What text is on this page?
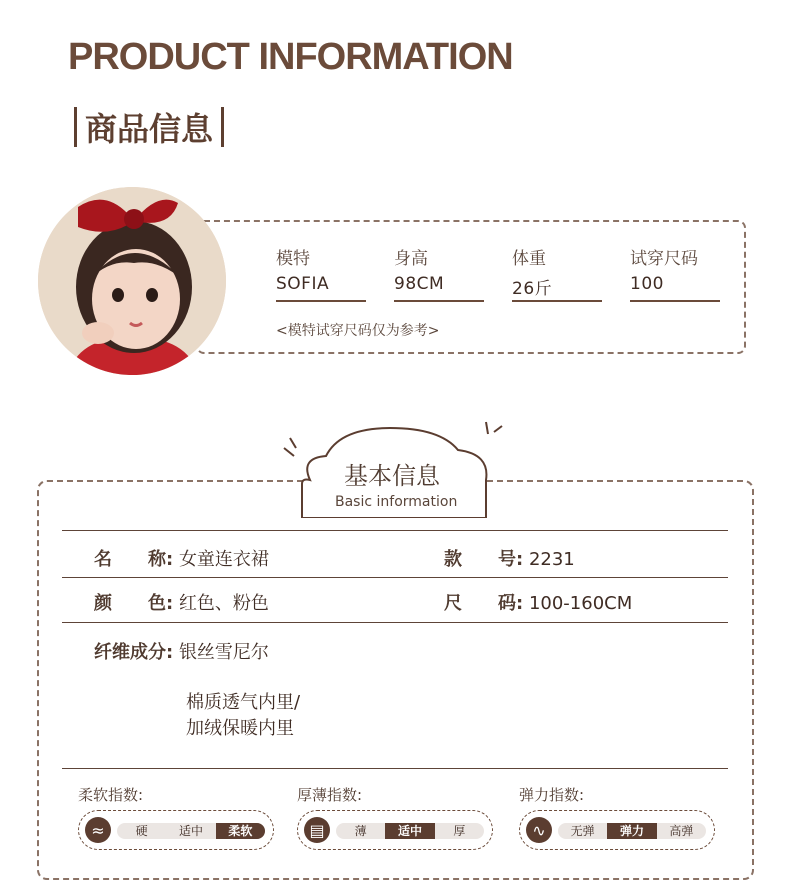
PRODUCT INFORMATION
商品信息
模特
SOFIA
身高
98CM
体重
26斤
试穿尺码
100
<模特试穿尺码仅为参考>
基本信息
Basic information
名　　称: 女童连衣裙	款　　号: 2231
颜　　色: 红色、粉色	尺　　码: 100-160CM
纤维成分: 银丝雪尼尔
棉质透气内里/
加绒保暖内里
柔软指数:
≈	硬	适中	柔软
厚薄指数:
▤	薄	适中	厚
弹力指数:
∿	无弹	弹力	高弹
